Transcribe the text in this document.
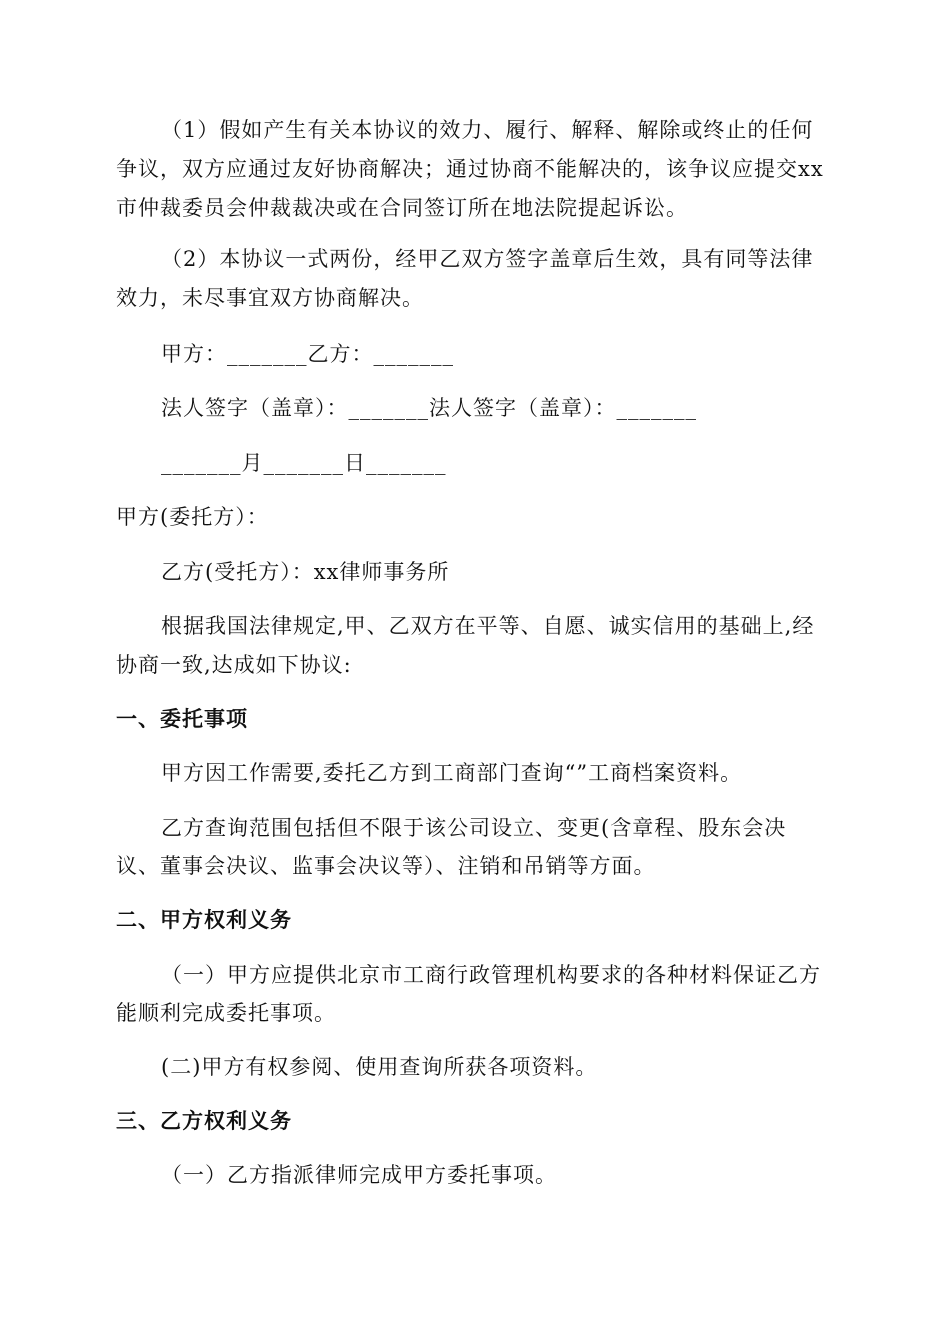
（1）假如产生有关本协议的效力、履行、解释、解除或终止的任何
争议，双方应通过友好协商解决；通过协商不能解决的，该争议应提交xx
市仲裁委员会仲裁裁决或在合同签订所在地法院提起诉讼。
（2）本协议一式两份，经甲乙双方签字盖章后生效，具有同等法律
效力，未尽事宜双方协商解决。
甲方：_______乙方：_______
法人签字（盖章）：_______法人签字（盖章）：_______
_______月_______日_______
甲方(委托方）：
乙方(受托方）：xx律师事务所
根据我国法律规定,甲、乙双方在平等、自愿、诚实信用的基础上,经
协商一致,达成如下协议:
一、委托事项
甲方因工作需要,委托乙方到工商部门查询“”工商档案资料。
乙方查询范围包括但不限于该公司设立、变更(含章程、股东会决
议、董事会决议、监事会决议等）、注销和吊销等方面。
二、甲方权利义务
（一）甲方应提供北京市工商行政管理机构要求的各种材料保证乙方
能顺利完成委托事项。
(二)甲方有权参阅、使用查询所获各项资料。
三、乙方权利义务
（一）乙方指派律师完成甲方委托事项。
